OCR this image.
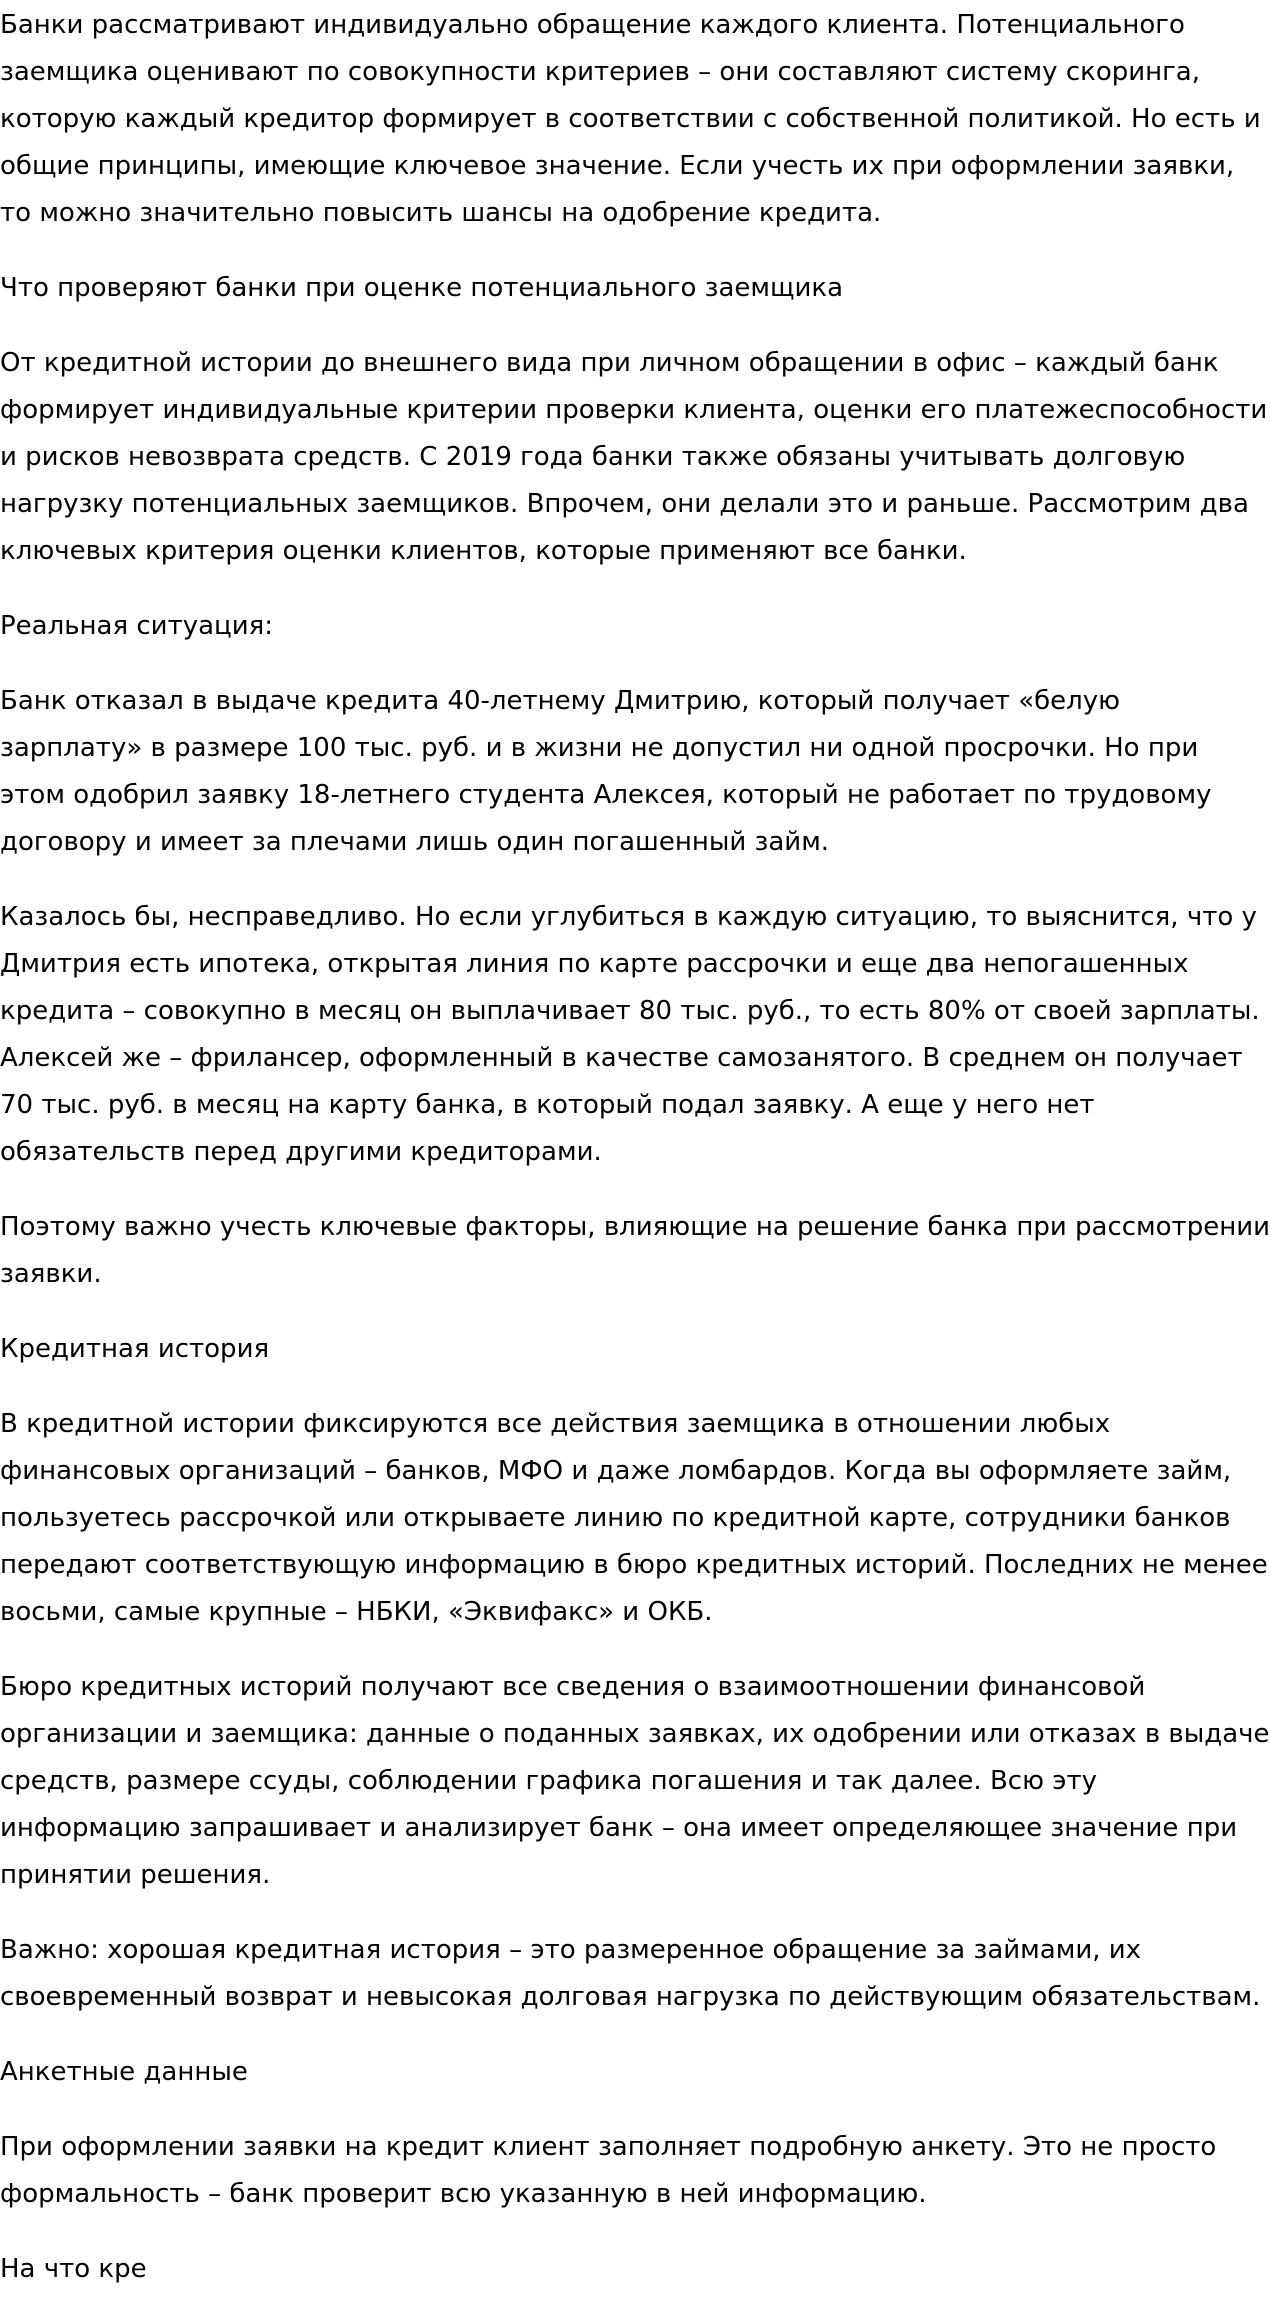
Банки рассматривают индивидуально обращение каждого клиента. Потенциального заемщика оценивают по совокупности критериев – они составляют систему скоринга, которую каждый кредитор формирует в соответствии с собственной политикой. Но есть и общие принципы, имеющие ключевое значение. Если учесть их при оформлении заявки, то можно значительно повысить шансы на одобрение кредита.

Что проверяют банки при оценке потенциального заемщика

От кредитной истории до внешнего вида при личном обращении в офис – каждый банк формирует индивидуальные критерии проверки клиента, оценки его платежеспособности и рисков невозврата средств. С 2019 года банки также обязаны учитывать долговую нагрузку потенциальных заемщиков. Впрочем, они делали это и раньше. Рассмотрим два ключевых критерия оценки клиентов, которые применяют все банки.

Реальная ситуация:

Банк отказал в выдаче кредита 40-летнему Дмитрию, который получает «белую зарплату» в размере 100 тыс. руб. и в жизни не допустил ни одной просрочки. Но при этом одобрил заявку 18-летнего студента Алексея, который не работает по трудовому договору и имеет за плечами лишь один погашенный займ.

Казалось бы, несправедливо. Но если углубиться в каждую ситуацию, то выяснится, что у Дмитрия есть ипотека, открытая линия по карте рассрочки и еще два непогашенных кредита – совокупно в месяц он выплачивает 80 тыс. руб., то есть 80% от своей зарплаты. Алексей же – фрилансер, оформленный в качестве самозанятого. В среднем он получает 70 тыс. руб. в месяц на карту банка, в который подал заявку. А еще у него нет обязательств перед другими кредиторами.

Поэтому важно учесть ключевые факторы, влияющие на решение банка при рассмотрении заявки.

Кредитная история

В кредитной истории фиксируются все действия заемщика в отношении любых финансовых организаций – банков, МФО и даже ломбардов. Когда вы оформляете займ, пользуетесь рассрочкой или открываете линию по кредитной карте, сотрудники банков передают соответствующую информацию в бюро кредитных историй. Последних не менее восьми, самые крупные – НБКИ, «Эквифакс» и ОКБ.

Бюро кредитных историй получают все сведения о взаимоотношении финансовой организации и заемщика: данные о поданных заявках, их одобрении или отказах в выдаче средств, размере ссуды, соблюдении графика погашения и так далее. Всю эту информацию запрашивает и анализирует банк – она имеет определяющее значение при принятии решения.

Важно: хорошая кредитная история – это размеренное обращение за займами, их своевременный возврат и невысокая долговая нагрузка по действующим обязательствам.

Анкетные данные

При оформлении заявки на кредит клиент заполняет подробную анкету. Это не просто формальность – банк проверит всю указанную в ней информацию.

На что кре
